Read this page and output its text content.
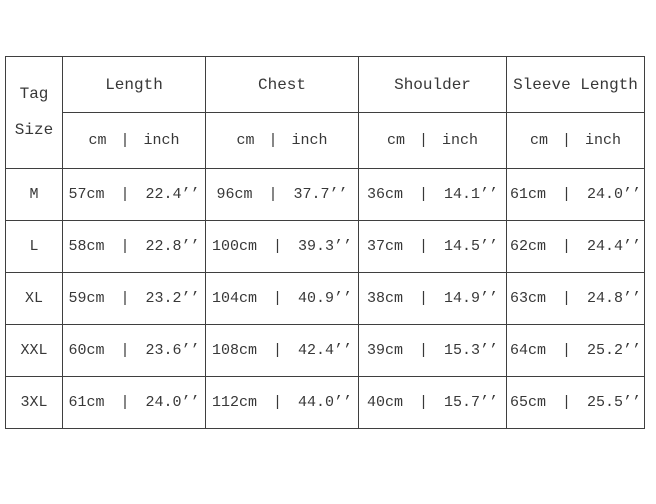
Tag Size	Length	Chest	Shoulder	Sleeve Length
	cm | inch	cm | inch	cm | inch	cm | inch
M	57cm | 22.4’’	96cm | 37.7’’	36cm | 14.1’’	61cm | 24.0’’
L	58cm | 22.8’’	100cm | 39.3’’	37cm | 14.5’’	62cm | 24.4’’
XL	59cm | 23.2’’	104cm | 40.9’’	38cm | 14.9’’	63cm | 24.8’’
XXL	60cm | 23.6’’	108cm | 42.4’’	39cm | 15.3’’	64cm | 25.2’’
3XL	61cm | 24.0’’	112cm | 44.0’’	40cm | 15.7’’	65cm | 25.5’’
